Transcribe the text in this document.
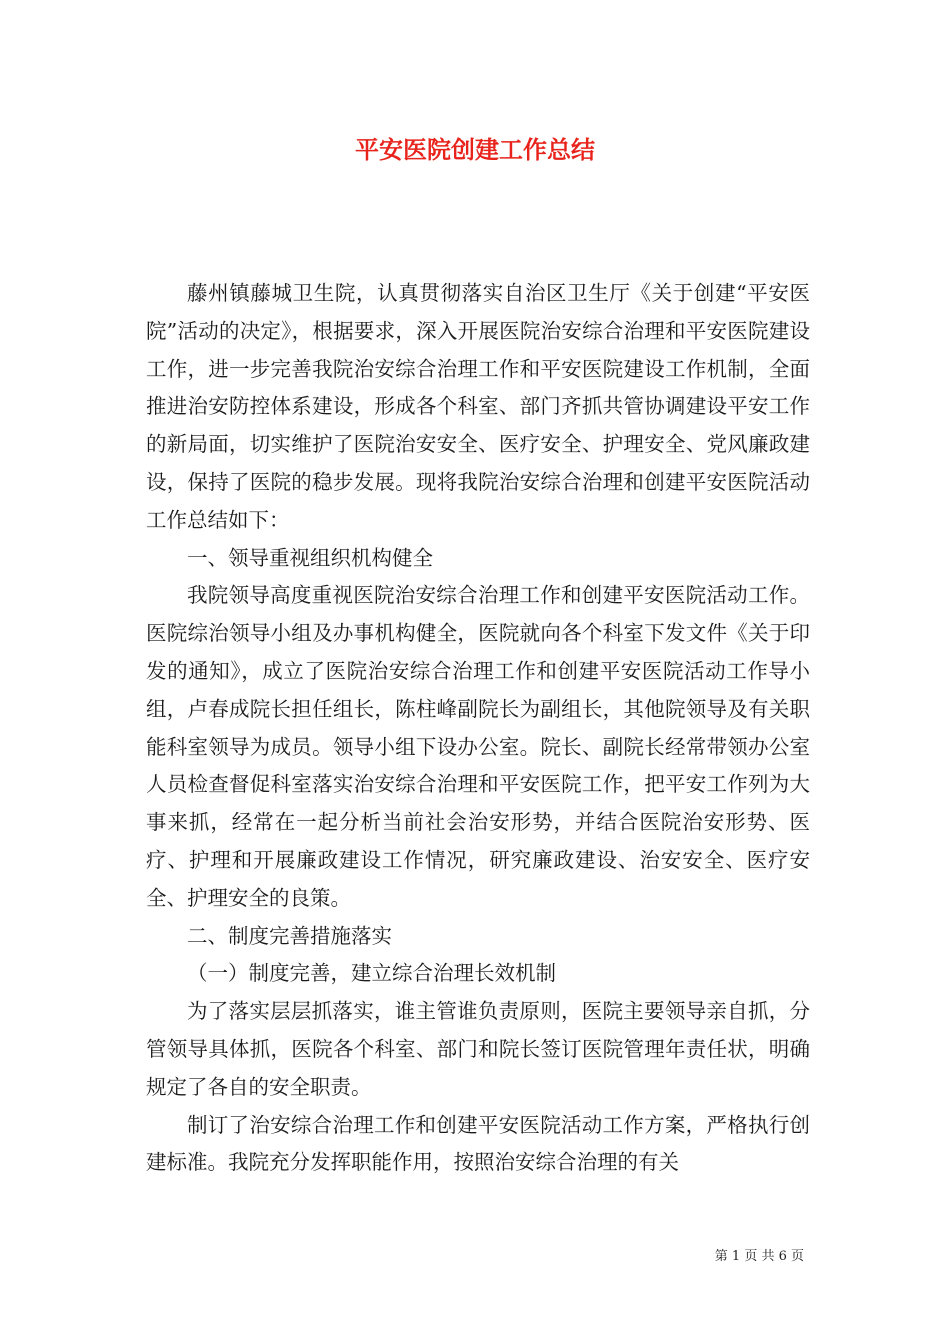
平安医院创建工作总结

藤州镇藤城卫生院，认真贯彻落实自治区卫生厅《关于创建“平安医院”活动的决定》，根据要求，深入开展医院治安综合治理和平安医院建设工作，进一步完善我院治安综合治理工作和平安医院建设工作机制，全面推进治安防控体系建设，形成各个科室、部门齐抓共管协调建设平安工作的新局面，切实维护了医院治安安全、医疗安全、护理安全、党风廉政建设，保持了医院的稳步发展。现将我院治安综合治理和创建平安医院活动工作总结如下：

一、领导重视组织机构健全

我院领导高度重视医院治安综合治理工作和创建平安医院活动工作。医院综治领导小组及办事机构健全，医院就向各个科室下发文件《关于印发的通知》，成立了医院治安综合治理工作和创建平安医院活动工作导小组，卢春成院长担任组长，陈柱峰副院长为副组长，其他院领导及有关职能科室领导为成员。领导小组下设办公室。院长、副院长经常带领办公室人员检查督促科室落实治安综合治理和平安医院工作，把平安工作列为大事来抓，经常在一起分析当前社会治安形势，并结合医院治安形势、医疗、护理和开展廉政建设工作情况，研究廉政建设、治安安全、医疗安全、护理安全的良策。

二、制度完善措施落实

（一）制度完善，建立综合治理长效机制

为了落实层层抓落实，谁主管谁负责原则，医院主要领导亲自抓，分管领导具体抓，医院各个科室、部门和院长签订医院管理年责任状，明确规定了各自的安全职责。

制订了治安综合治理工作和创建平安医院活动工作方案，严格执行创建标准。我院充分发挥职能作用，按照治安综合治理的有关

第 1 页 共 6 页
